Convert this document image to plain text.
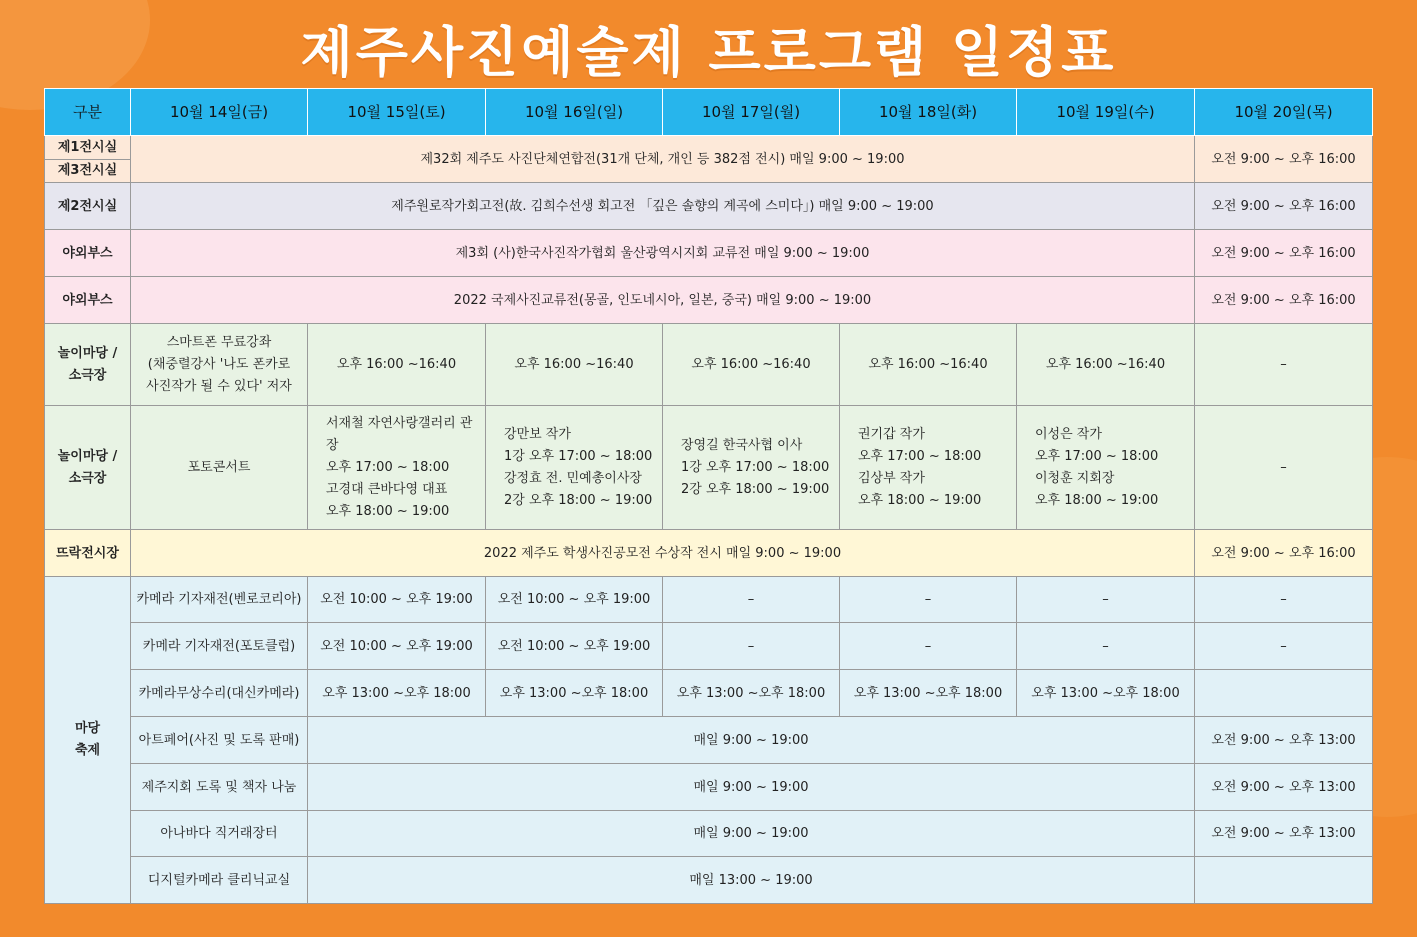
제주사진예술제 프로그램 일정표
구분	10월 14일(금)	10월 15일(토)	10월 16일(일)	10월 17일(월)	10월 18일(화)	10월 19일(수)	10월 20일(목)

제1전시실
제3전시실	제32회 제주도 사진단체연합전(31개 단체, 개인 등 382점 전시) 매일 9:00 ~ 19:00						오전 9:00 ~ 오후 16:00
제2전시실	제주원로작가회고전(故. 김희수선생 회고전 「깊은 솔향의 계곡에 스미다」) 매일 9:00 ~ 19:00						오전 9:00 ~ 오후 16:00
야외부스	제3회 (사)한국사진작가협회 울산광역시지회 교류전 매일 9:00 ~ 19:00						오전 9:00 ~ 오후 16:00
야외부스	2022 국제사진교류전(몽골, 인도네시아, 일본, 중국) 매일 9:00 ~ 19:00						오전 9:00 ~ 오후 16:00

놀이마당 /
소극장	스마트폰 무료강좌
(채중렬강사 '나도 폰카로
사진작가 될 수 있다' 저자	오후 16:00 ~16:40	오후 16:00 ~16:40	오후 16:00 ~16:40	오후 16:00 ~16:40	오후 16:00 ~16:40	–

놀이마당 /
소극장	포토콘서트	서재철 자연사랑갤러리 관장
오후 17:00 ~ 18:00
고경대 큰바다영 대표
오후 18:00 ~ 19:00	강만보 작가
1강 오후 17:00 ~ 18:00
강정효 전. 민예총이사장
2강 오후 18:00 ~ 19:00	장영길 한국사협 이사
1강 오후 17:00 ~ 18:00
2강 오후 18:00 ~ 19:00	권기갑 작가
오후 17:00 ~ 18:00
김상부 작가
오후 18:00 ~ 19:00	이성은 작가
오후 17:00 ~ 18:00
이청훈 지회장
오후 18:00 ~ 19:00	–
뜨락전시장	2022 제주도 학생사진공모전 수상작 전시 매일 9:00 ~ 19:00						오전 9:00 ~ 오후 16:00

마당
축제	카메라 기자재전(벤로코리아)	오전 10:00 ~ 오후 19:00	오전 10:00 ~ 오후 19:00	–	–	–	–
	카메라 기자재전(포토클럽)	오전 10:00 ~ 오후 19:00	오전 10:00 ~ 오후 19:00	–	–	–	–
	카메라무상수리(대신카메라)	오후 13:00 ~오후 18:00	오후 13:00 ~오후 18:00	오후 13:00 ~오후 18:00	오후 13:00 ~오후 18:00	오후 13:00 ~오후 18:00	
	아트페어(사진 및 도록 판매)	매일 9:00 ~ 19:00					오전 9:00 ~ 오후 13:00
	제주지회 도록 및 책자 나눔	매일 9:00 ~ 19:00					오전 9:00 ~ 오후 13:00
	아나바다 직거래장터	매일 9:00 ~ 19:00					오전 9:00 ~ 오후 13:00
	디지털카메라 클리닉교실	매일 13:00 ~ 19:00					
